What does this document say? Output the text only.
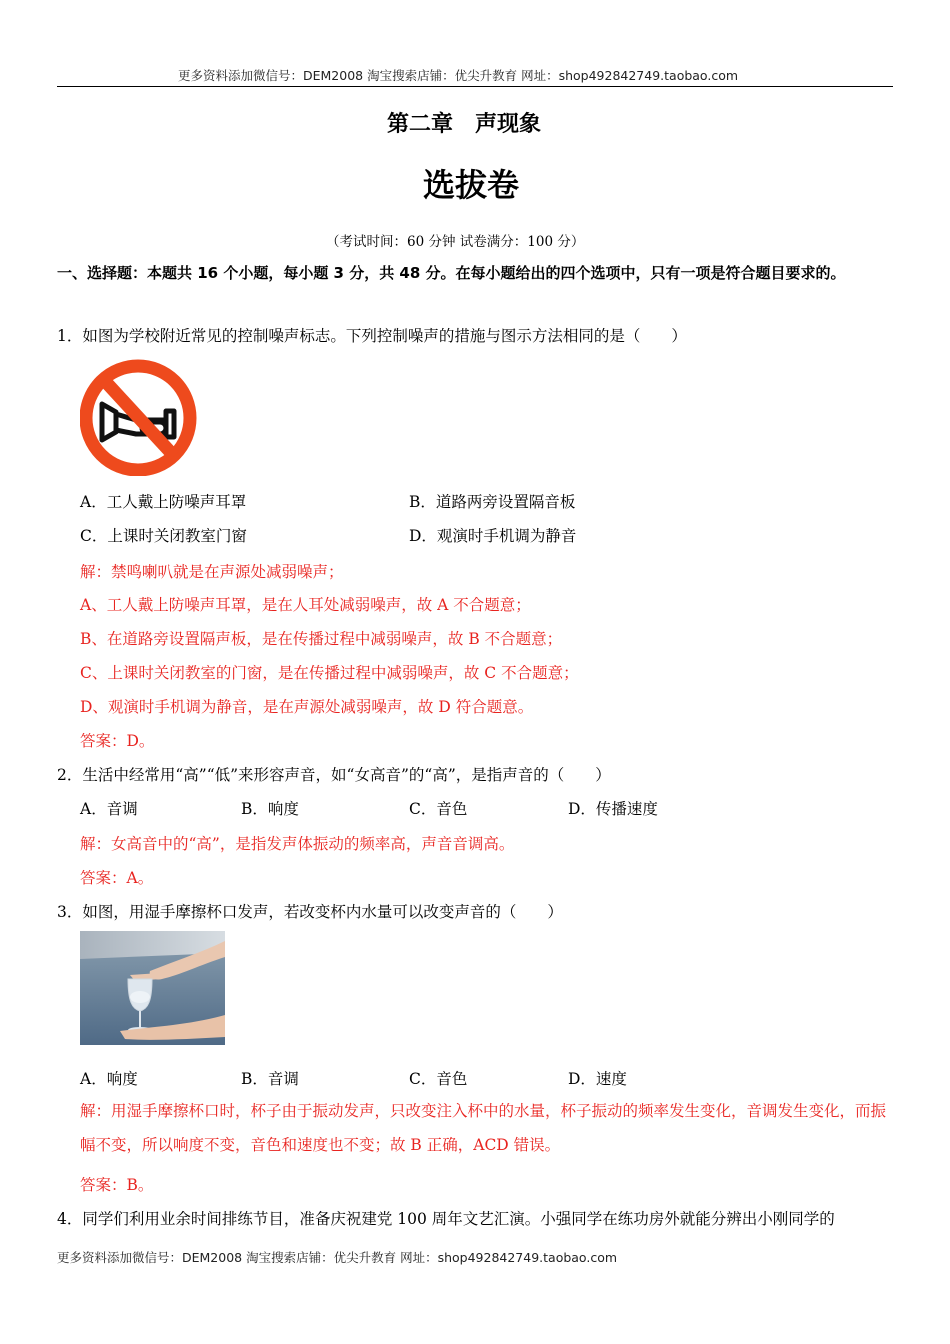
更多资料添加微信号：DEM2008 淘宝搜索店铺：优尖升教育 网址：shop492842749.taobao.com
第二章　声现象
选拔卷
（考试时间：60 分钟 试卷满分：100 分）
一、选择题：本题共 16 个小题，每小题 3 分，共 48 分。在每小题给出的四个选项中，只有一项是符合题目要求的。
1．如图为学校附近常见的控制噪声标志。下列控制噪声的措施与图示方法相同的是（　　）
A．工人戴上防噪声耳罩	B．道路两旁设置隔音板
C．上课时关闭教室门窗	D．观演时手机调为静音
解：禁鸣喇叭就是在声源处减弱噪声；
A、工人戴上防噪声耳罩，是在人耳处减弱噪声，故 A 不合题意；
B、在道路旁设置隔声板，是在传播过程中减弱噪声，故 B 不合题意；
C、上课时关闭教室的门窗，是在传播过程中减弱噪声，故 C 不合题意；
D、观演时手机调为静音，是在声源处减弱噪声，故 D 符合题意。
答案：D。
2．生活中经常用“高”“低”来形容声音，如“女高音”的“高”，是指声音的（　　）
A．音调	B．响度	C．音色	D．传播速度
解：女高音中的“高”，是指发声体振动的频率高，声音音调高。
答案：A。
3．如图，用湿手摩擦杯口发声，若改变杯内水量可以改变声音的（　　）
A．响度	B．音调	C．音色	D．速度
解：用湿手摩擦杯口时，杯子由于振动发声，只改变注入杯中的水量，杯子振动的频率发生变化，音调发生变化，而振幅不变，所以响度不变，音色和速度也不变；故 B 正确，ACD 错误。
答案：B。
4．同学们利用业余时间排练节目，准备庆祝建党 100 周年文艺汇演。小强同学在练功房外就能分辨出小刚同学的
更多资料添加微信号：DEM2008 淘宝搜索店铺：优尖升教育 网址：shop492842749.taobao.com
